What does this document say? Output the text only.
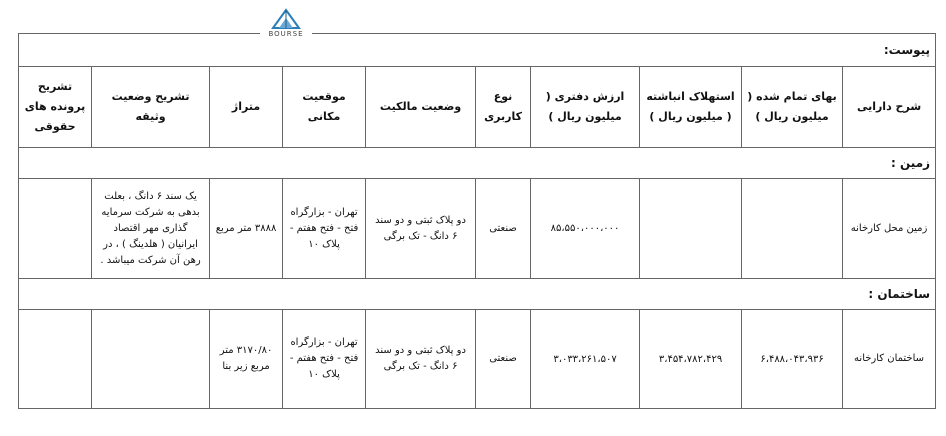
پیوست:									
شرح دارایی	بهای تمام شده ( میلیون ریال )	استهلاک انباشته ( میلیون ریال )	ارزش دفتری ( میلیون ریال )	نوع کاربری	وضعیت مالکیت	موقعیت مکانی	متراژ	تشریح وضعیت وثیقه	تشریح پرونده های حقوقی
زمین :									
زمین محل کارخانه			۸۵،۵۵۰،۰۰۰،۰۰۰	صنعتی	دو پلاک ثبتی و دو سند ۶ دانگ - تک برگی	تهران - بزارگراه فتح - فتح هفتم - پلاک ۱۰	۳۸۸۸ متر مربع	یک سند ۶ دانگ ، بعلت بدهی به شرکت سرمایه گذاری مهر اقتصاد ایرانیان ( هلدینگ ) ، در رهن آن شرکت میباشد .	
ساختمان :									
ساختمان کارخانه	۶،۴۸۸،۰۴۳،۹۳۶	۳،۴۵۴،۷۸۲،۴۲۹	۳،۰۳۳،۲۶۱،۵۰۷	صنعتی	دو پلاک ثبتی و دو سند ۶ دانگ - تک برگی	تهران - بزارگراه فتح - فتح هفتم - پلاک ۱۰	۳۱۷۰/۸۰ متر مربع زیر بنا		
BOURSE
